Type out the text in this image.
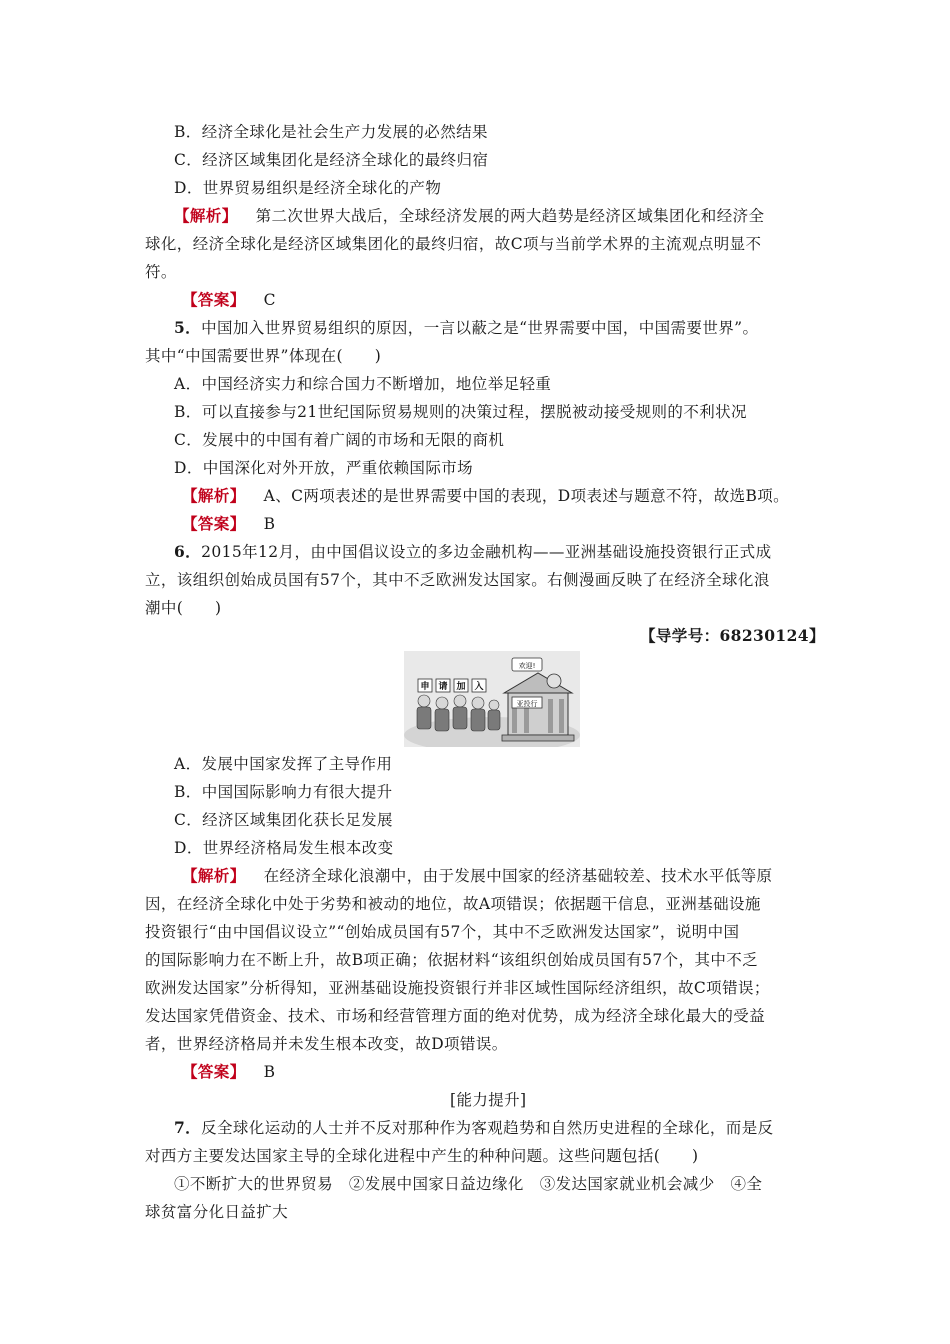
B．经济全球化是社会生产力发展的必然结果
C．经济区域集团化是经济全球化的最终归宿
D．世界贸易组织是经济全球化的产物
【解析】 第二次世界大战后，全球经济发展的两大趋势是经济区域集团化和经济全
球化，经济全球化是经济区域集团化的最终归宿，故C项与当前学术界的主流观点明显不
符。
【答案】 C
5．中国加入世界贸易组织的原因，一言以蔽之是“世界需要中国，中国需要世界”。
其中“中国需要世界”体现在(　　)
A．中国经济实力和综合国力不断增加，地位举足轻重
B．可以直接参与21世纪国际贸易规则的决策过程，摆脱被动接受规则的不利状况
C．发展中的中国有着广阔的市场和无限的商机
D．中国深化对外开放，严重依赖国际市场
【解析】 A、C两项表述的是世界需要中国的表现，D项表述与题意不符，故选B项。
【答案】 B
6．2015年12月，由中国倡议设立的多边金融机构——亚洲基础设施投资银行正式成
立，该组织创始成员国有57个，其中不乏欧洲发达国家。右侧漫画反映了在经济全球化浪
潮中(　　)
【导学号：68230124】
亚投行
欢迎!
申 请 加 入
A．发展中国家发挥了主导作用
B．中国国际影响力有很大提升
C．经济区域集团化获长足发展
D．世界经济格局发生根本改变
【解析】 在经济全球化浪潮中，由于发展中国家的经济基础较差、技术水平低等原
因，在经济全球化中处于劣势和被动的地位，故A项错误；依据题干信息，亚洲基础设施
投资银行“由中国倡议设立”“创始成员国有57个，其中不乏欧洲发达国家”，说明中国
的国际影响力在不断上升，故B项正确；依据材料“该组织创始成员国有57个，其中不乏
欧洲发达国家”分析得知，亚洲基础设施投资银行并非区域性国际经济组织，故C项错误；
发达国家凭借资金、技术、市场和经营管理方面的绝对优势，成为经济全球化最大的受益
者，世界经济格局并未发生根本改变，故D项错误。
【答案】 B
[能力提升]
7．反全球化运动的人士并不反对那种作为客观趋势和自然历史进程的全球化，而是反
对西方主要发达国家主导的全球化进程中产生的种种问题。这些问题包括(　　)
①不断扩大的世界贸易　②发展中国家日益边缘化　③发达国家就业机会减少　④全
球贫富分化日益扩大
